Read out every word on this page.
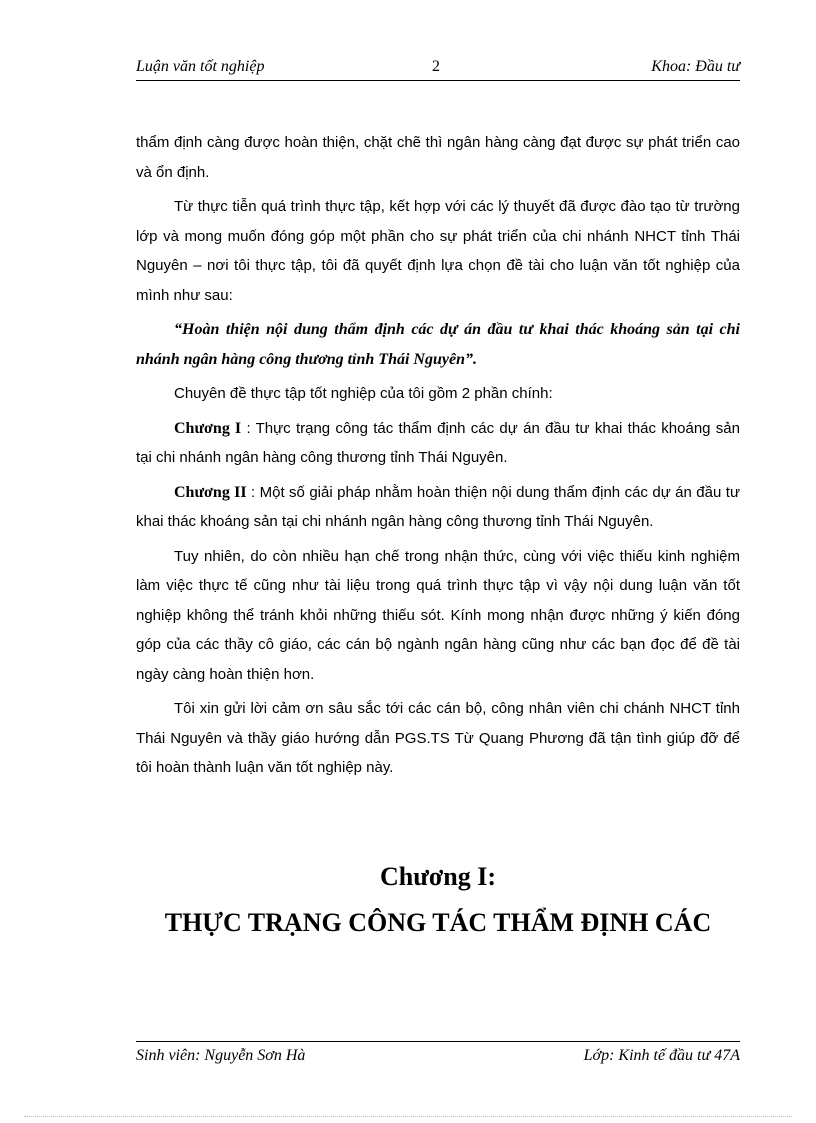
Luận văn tốt nghiệp	2	Khoa: Đầu tư

thẩm định càng được hoàn thiện, chặt chẽ thì ngân hàng càng đạt được sự phát triển cao và ổn định.

Từ thực tiễn quá trình thực tập, kết hợp với các lý thuyết đã được đào tạo từ trường lớp và mong muốn đóng góp một phần cho sự phát triển của chi nhánh NHCT tỉnh Thái Nguyên – nơi tôi thực tập, tôi đã quyết định lựa chọn đề tài cho luận văn tốt nghiệp của mình như sau:

“Hoàn thiện nội dung thẩm định các dự án đầu tư khai thác khoáng sản tại chi nhánh ngân hàng công thương tỉnh Thái Nguyên”.

Chuyên đề thực tập tốt nghiệp của tôi gồm 2 phần chính:

Chương I : Thực trạng công tác thẩm định các dự án đầu tư khai thác khoáng sản tại chi nhánh ngân hàng công thương tỉnh Thái Nguyên.

Chương II : Một số giải pháp nhằm hoàn thiện nội dung thẩm định các dự án đầu tư khai thác khoáng sản tại chi nhánh ngân hàng công thương tỉnh Thái Nguyên.

Tuy nhiên, do còn nhiều hạn chế trong nhận thức, cùng với việc thiếu kinh nghiệm làm việc thực tế cũng như tài liệu trong quá trình thực tập vì vậy nội dung luận văn tốt nghiệp không thể tránh khỏi những thiếu sót. Kính mong nhận được những ý kiến đóng góp của các thầy cô giáo, các cán bộ ngành ngân hàng cũng như các bạn đọc để đề tài ngày càng hoàn thiện hơn.

Tôi xin gửi lời cảm ơn sâu sắc tới các cán bộ, công nhân viên chi chánh NHCT tỉnh Thái Nguyên và thầy giáo hướng dẫn PGS.TS Từ Quang Phương đã tận tình giúp đỡ để tôi hoàn thành luận văn tốt nghiệp này.

Chương I:
THỰC TRẠNG CÔNG TÁC THẨM ĐỊNH CÁC
Sinh viên: Nguyễn Sơn Hà	Lớp: Kinh tế đầu tư 47A
